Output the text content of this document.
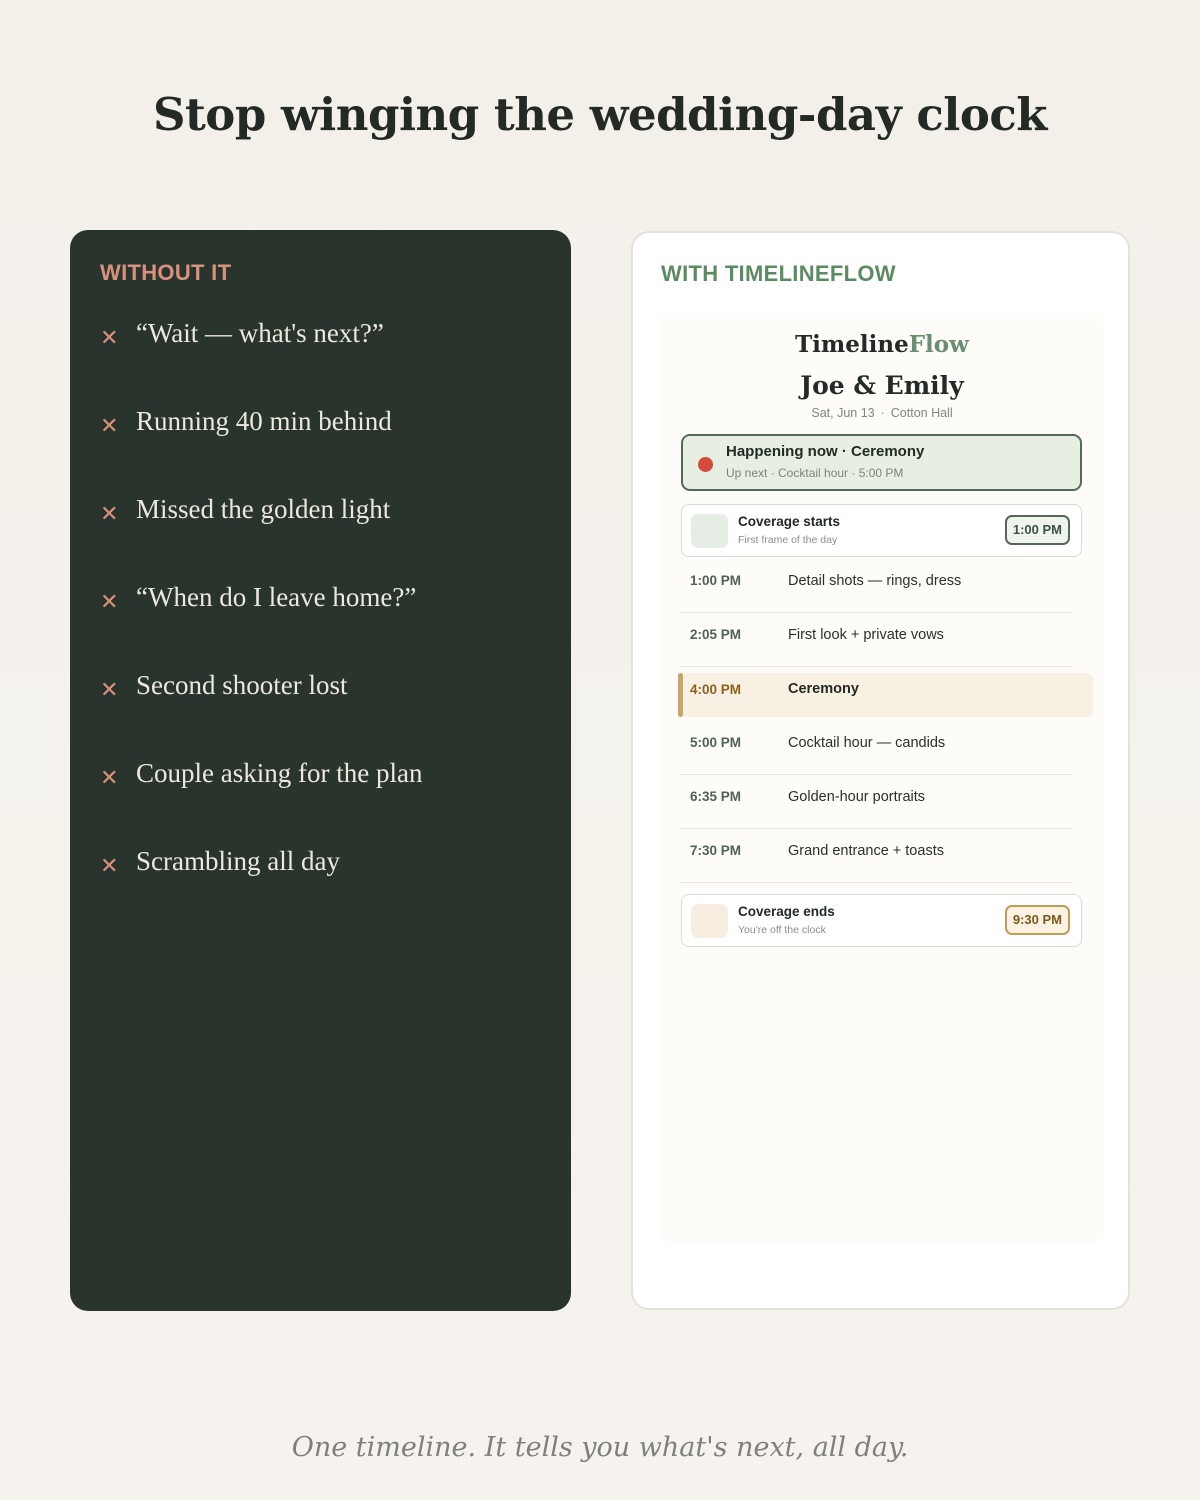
Stop winging the wedding-day clock
WITHOUT IT
✕ “Wait — what's next?”
✕ Running 40 min behind
✕ Missed the golden light
✕ “When do I leave home?”
✕ Second shooter lost
✕ Couple asking for the plan
✕ Scrambling all day
WITH TIMELINEFLOW
TimelineFlow
Joe & Emily
Sat, Jun 13 · Cotton Hall
Happening now · Ceremony
Up next · Cocktail hour · 5:00 PM
Coverage starts
First frame of the day
1:00 PM
1:00 PM	Detail shots — rings, dress
2:05 PM	First look + private vows
4:00 PM	Ceremony
5:00 PM	Cocktail hour — candids
6:35 PM	Golden-hour portraits
7:30 PM	Grand entrance + toasts
Coverage ends
You're off the clock
9:30 PM

One timeline. It tells you what's next, all day.
